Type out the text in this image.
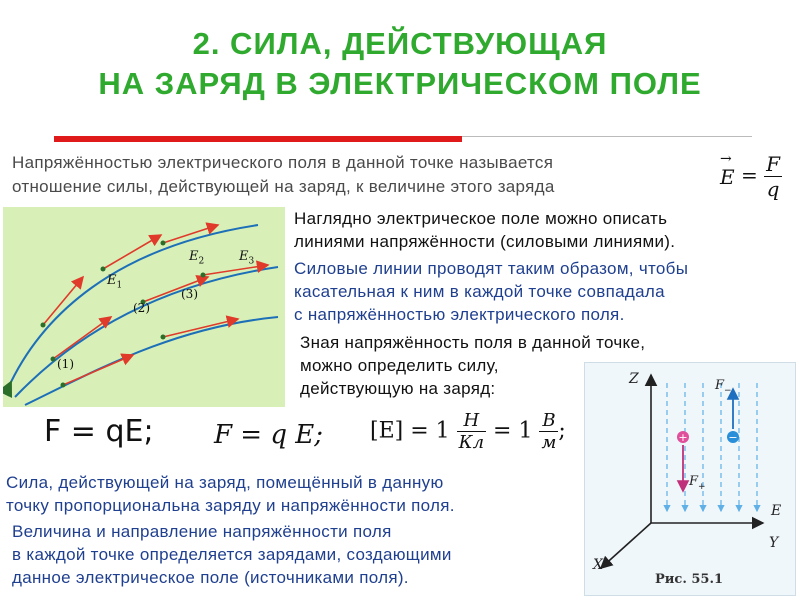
2. СИЛА, ДЕЙСТВУЮЩАЯ
НА ЗАРЯД В ЭЛЕКТРИЧЕСКОМ ПОЛЕ
Напряжённостью электрического поля в данной точке называется
отношение силы, действующей на заряд, к величине этого заряда
→
$E = \frac{F}{q}$
$E_1$
$E_2$	$E_3$
(2)
(3)
(1)
Наглядно электрическое поле можно описать
линиями напряжённости (силовыми линиями).
Силовые линии проводят таким образом, чтобы
касательная к ним в каждой точке совпадала
с напряжённостью электрического поля.
Зная напряжённость поля в данной точке,
можно определить силу,
действующую на заряд:
F = qE; F = q E; $[E] = 1 \frac{Н}{Кл} = 1 \frac{В}{м}$ ;
Сила, действующей на заряд, помещённый в данную
точку пропорциональна заряду и напряжённости поля.
Величина и направление напряжённости поля
в каждой точке определяется зарядами, создающими
данное электрическое поле (источниками поля).
+	−
Z
Y
X
E
F −
F +
Рис. 55.1
